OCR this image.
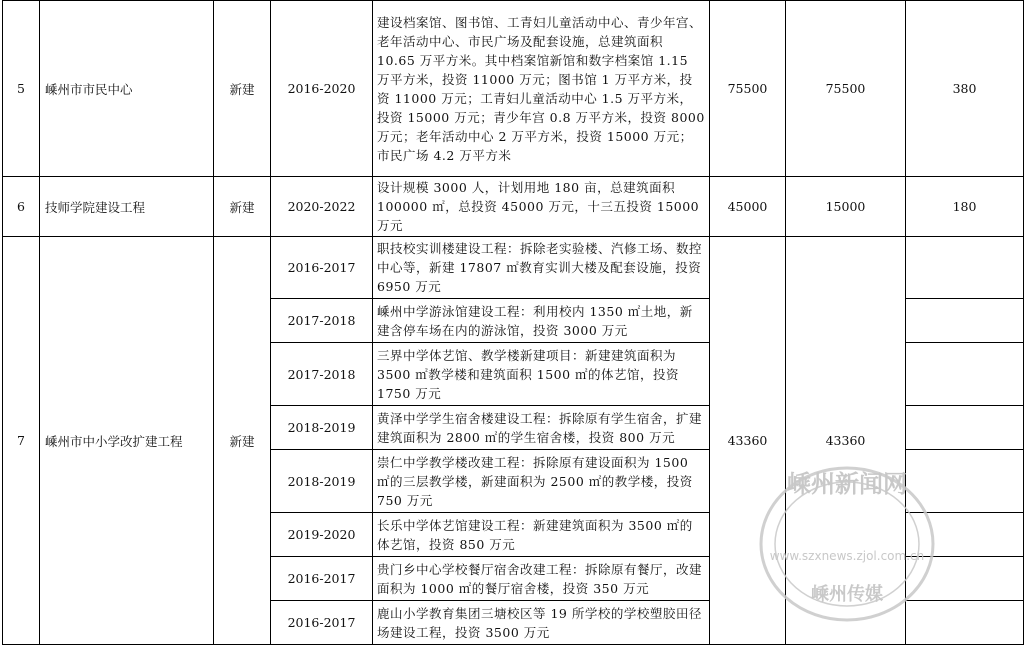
5	嵊州市市民中心	新建	2016-2020	建设档案馆、图书馆、工青妇儿童活动中心、青少年宫、老年活动中心、市民广场及配套设施，总建筑面积 10.65 万平方米。其中档案馆新馆和数字档案馆 1.15 万平方米，投资 11000 万元；图书馆 1 万平方米，投资 11000 万元；工青妇儿童活动中心 1.5 万平方米，投资 15000 万元；青少年宫 0.8 万平方米，投资 8000 万元；老年活动中心 2 万平方米，投资 15000 万元；市民广场 4.2 万平方米	75500	75500	380
6	技师学院建设工程	新建	2020-2022	设计规模 3000 人，计划用地 180 亩，总建筑面积 100000 ㎡，总投资 45000 万元，十三五投资 15000 万元	45000	15000	180
7	嵊州市中小学改扩建工程	新建	2016-2017	职技校实训楼建设工程：拆除老实验楼、汽修工场、数控中心等，新建 17807 ㎡教育实训大楼及配套设施，投资 6950 万元	43360	43360	
			2017-2018	嵊州中学游泳馆建设工程：利用校内 1350 ㎡土地，新建含停车场在内的游泳馆，投资 3000 万元			
			2017-2018	三界中学体艺馆、教学楼新建项目：新建建筑面积为 3500 ㎡教学楼和建筑面积 1500 ㎡的体艺馆，投资 1750 万元			
			2018-2019	黄泽中学学生宿舍楼建设工程：拆除原有学生宿舍，扩建建筑面积为 2800 ㎡的学生宿舍楼，投资 800 万元			
			2018-2019	崇仁中学教学楼改建工程：拆除原有建设面积为 1500 ㎡的三层教学楼，新建面积为 2500 ㎡的教学楼，投资 750 万元			
			2019-2020	长乐中学体艺馆建设工程：新建建筑面积为 3500 ㎡的体艺馆，投资 850 万元			
			2016-2017	贵门乡中心学校餐厅宿舍改建工程：拆除原有餐厅，改建面积为 1000 ㎡的餐厅宿舍楼，投资 350 万元			
			2016-2017	鹿山小学教育集团三塘校区等 19 所学校的学校塑胶田径场建设工程，投资 3500 万元			
嵊州新闻网
www.szxnews.zjol.com.cn
嵊州传媒
